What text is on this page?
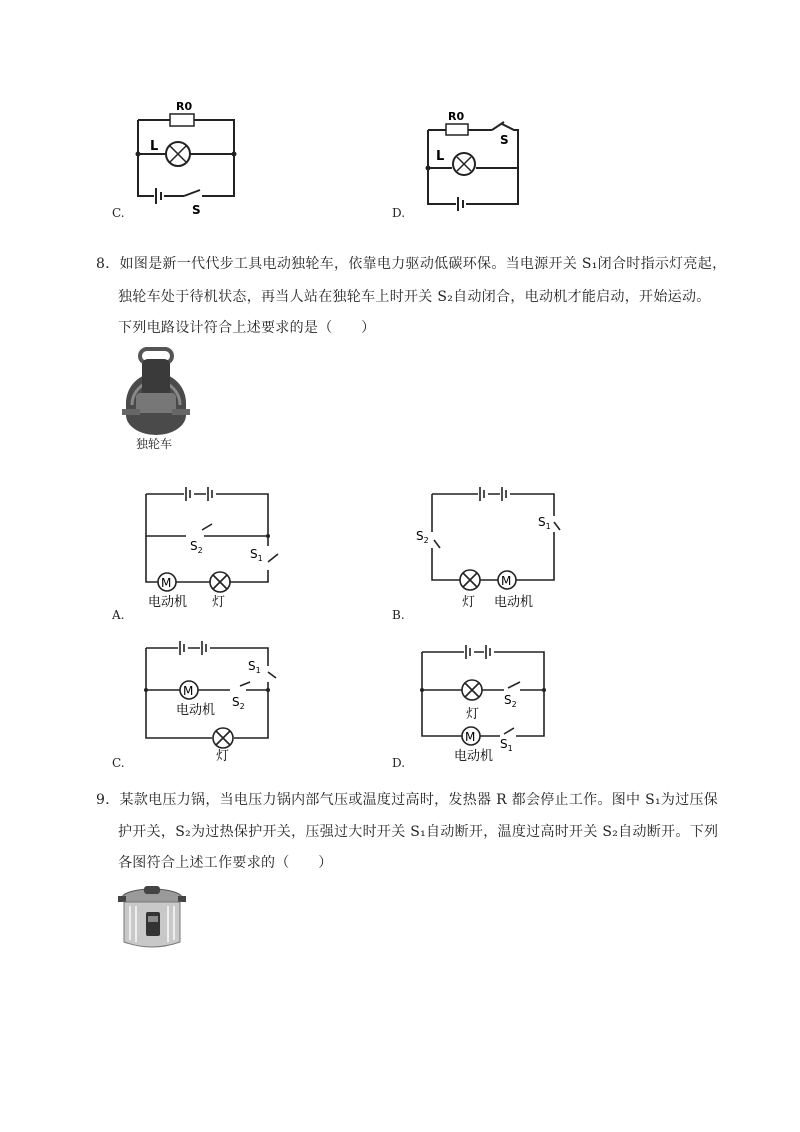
R0
L
S
C.
R0
L
S
D.
8．如图是新一代代步工具电动独轮车，依靠电力驱动低碳环保。当电源开关 S₁闭合时指示灯亮起，
独轮车处于待机状态，再当人站在独轮车上时开关 S₂自动闭合，电动机才能启动，开始运动。
下列电路设计符合上述要求的是（　　）
独轮车
M
$S_2$	$S_1$
电动机 灯
A.
$S_2$
$S_1$
M
灯 电动机
B.
M
$S_1$
$S_2$
电动机
灯
C.
灯
$S_2$
M $S_1$
电动机
D.
9．某款电压力锅，当电压力锅内部气压或温度过高时，发热器 R 都会停止工作。图中 S₁为过压保
护开关，S₂为过热保护开关，压强过大时开关 S₁自动断开，温度过高时开关 S₂自动断开。下列
各图符合上述工作要求的（　　）
